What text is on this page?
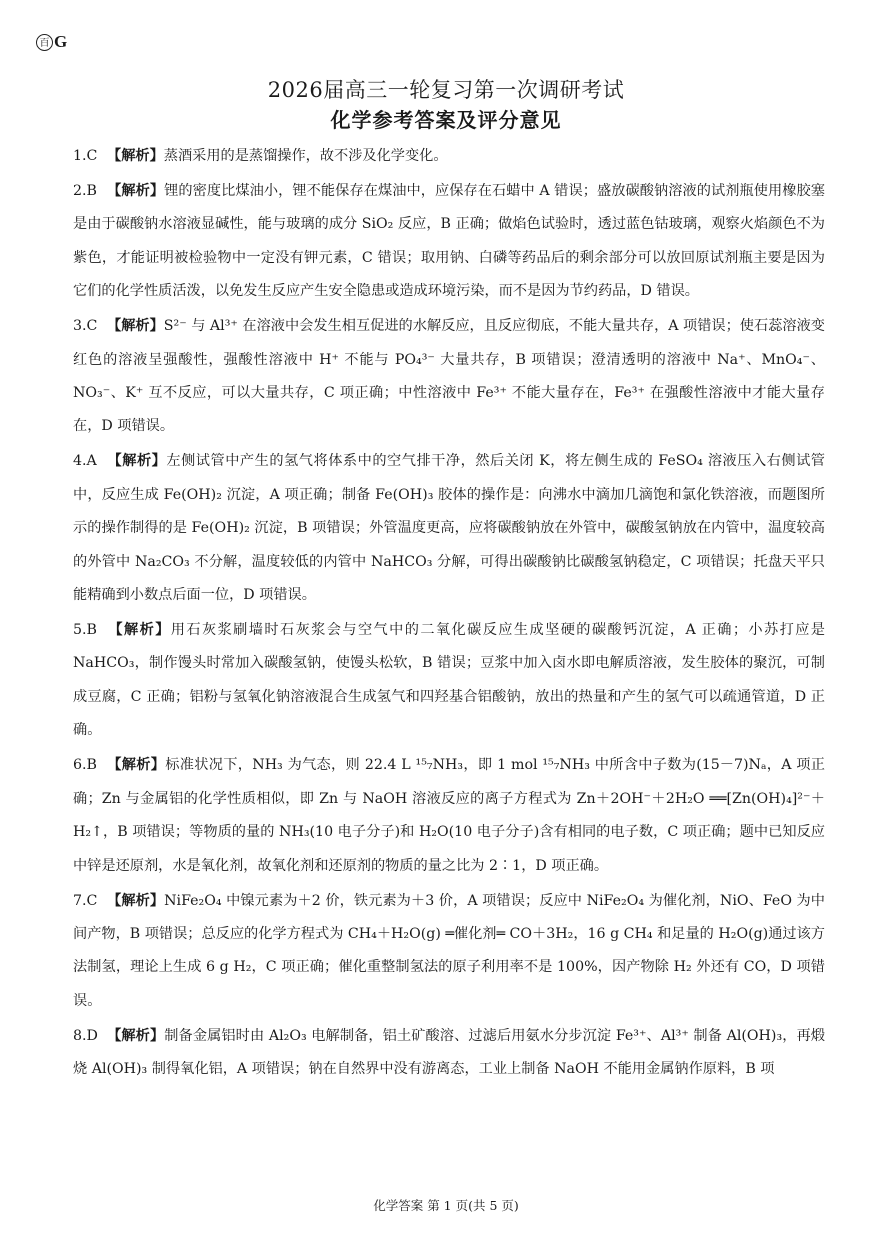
百 G
2026届高三一轮复习第一次调研考试
化学参考答案及评分意见

1.C 【解析】蒸酒采用的是蒸馏操作，故不涉及化学变化。

2.B 【解析】锂的密度比煤油小，锂不能保存在煤油中，应保存在石蜡中 A 错误；盛放碳酸钠溶液的试剂瓶使用橡胶塞是由于碳酸钠水溶液显碱性，能与玻璃的成分 SiO₂ 反应，B 正确；做焰色试验时，透过蓝色钴玻璃，观察火焰颜色不为紫色，才能证明被检验物中一定没有钾元素，C 错误；取用钠、白磷等药品后的剩余部分可以放回原试剂瓶主要是因为它们的化学性质活泼，以免发生反应产生安全隐患或造成环境污染，而不是因为节约药品，D 错误。

3.C 【解析】S²⁻ 与 Al³⁺ 在溶液中会发生相互促进的水解反应，且反应彻底，不能大量共存，A 项错误；使石蕊溶液变红色的溶液呈强酸性，强酸性溶液中 H⁺ 不能与 PO₄³⁻ 大量共存，B 项错误；澄清透明的溶液中 Na⁺、MnO₄⁻、NO₃⁻、K⁺ 互不反应，可以大量共存，C 项正确；中性溶液中 Fe³⁺ 不能大量存在，Fe³⁺ 在强酸性溶液中才能大量存在，D 项错误。

4.A 【解析】左侧试管中产生的氢气将体系中的空气排干净，然后关闭 K，将左侧生成的 FeSO₄ 溶液压入右侧试管中，反应生成 Fe(OH)₂ 沉淀，A 项正确；制备 Fe(OH)₃ 胶体的操作是：向沸水中滴加几滴饱和氯化铁溶液，而题图所示的操作制得的是 Fe(OH)₂ 沉淀，B 项错误；外管温度更高，应将碳酸钠放在外管中，碳酸氢钠放在内管中，温度较高的外管中 Na₂CO₃ 不分解，温度较低的内管中 NaHCO₃ 分解，可得出碳酸钠比碳酸氢钠稳定，C 项错误；托盘天平只能精确到小数点后面一位，D 项错误。

5.B 【解析】用石灰浆刷墙时石灰浆会与空气中的二氧化碳反应生成坚硬的碳酸钙沉淀，A 正确；小苏打应是 NaHCO₃，制作馒头时常加入碳酸氢钠，使馒头松软，B 错误；豆浆中加入卤水即电解质溶液，发生胶体的聚沉，可制成豆腐，C 正确；铝粉与氢氧化钠溶液混合生成氢气和四羟基合铝酸钠，放出的热量和产生的氢气可以疏通管道，D 正确。

6.B 【解析】标准状况下，NH₃ 为气态，则 22.4 L ¹⁵₇NH₃，即 1 mol ¹⁵₇NH₃ 中所含中子数为(15－7)Nₐ，A 项正确；Zn 与金属铝的化学性质相似，即 Zn 与 NaOH 溶液反应的离子方程式为 Zn＋2OH⁻＋2H₂O ══[Zn(OH)₄]²⁻＋H₂↑，B 项错误；等物质的量的 NH₃(10 电子分子)和 H₂O(10 电子分子)含有相同的电子数，C 项正确；题中已知反应中锌是还原剂，水是氧化剂，故氧化剂和还原剂的物质的量之比为 2∶1，D 项正确。

7.C 【解析】NiFe₂O₄ 中镍元素为＋2 价，铁元素为＋3 价，A 项错误；反应中 NiFe₂O₄ 为催化剂，NiO、FeO 为中间产物，B 项错误；总反应的化学方程式为 CH₄＋H₂O(g) ═催化剂═ CO＋3H₂，16 g CH₄ 和足量的 H₂O(g)通过该方法制氢，理论上生成 6 g H₂，C 项正确；催化重整制氢法的原子利用率不是 100%，因产物除 H₂ 外还有 CO，D 项错误。

8.D 【解析】制备金属铝时由 Al₂O₃ 电解制备，铝土矿酸溶、过滤后用氨水分步沉淀 Fe³⁺、Al³⁺ 制备 Al(OH)₃，再煅烧 Al(OH)₃ 制得氧化铝，A 项错误；钠在自然界中没有游离态，工业上制备 NaOH 不能用金属钠作原料，B 项

化学答案 第 1 页(共 5 页)
